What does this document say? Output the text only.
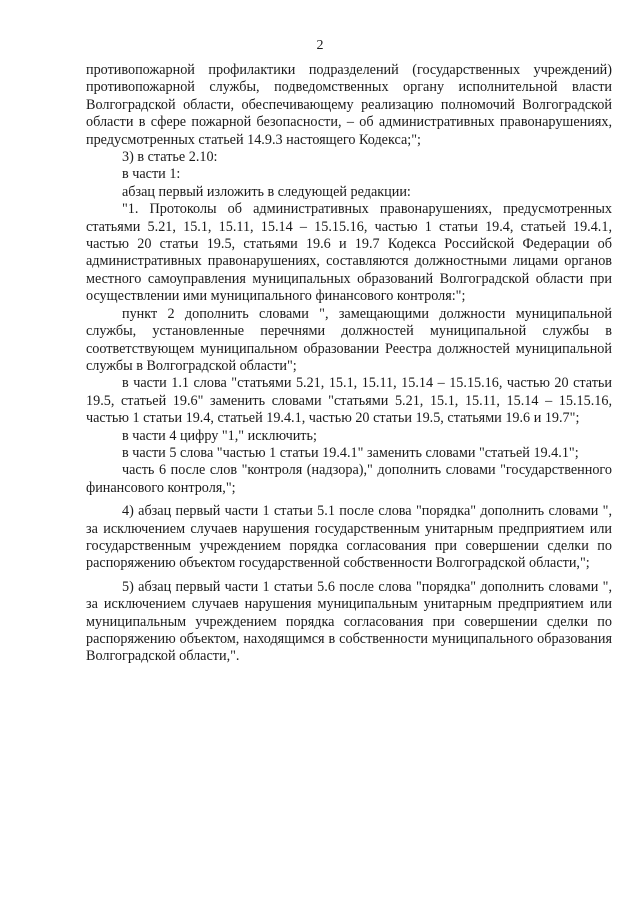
2

противопожарной профилактики подразделений (государственных учреждений) противопожарной службы, подведомственных органу исполнительной власти Волгоградской области, обеспечивающему реализацию полномочий Волгоградской области в сфере пожарной безопасности, – об административных правонарушениях, предусмотренных статьей 14.9.3 настоящего Кодекса;";

3) в статье 2.10:

в части 1:

абзац первый изложить в следующей редакции:

"1. Протоколы об административных правонарушениях, предусмотренных статьями 5.21, 15.1, 15.11, 15.14 – 15.15.16, частью 1 статьи 19.4, статьей 19.4.1, частью 20 статьи 19.5, статьями 19.6 и 19.7 Кодекса Российской Федерации об административных правонарушениях, составляются должностными лицами органов местного самоуправления муниципальных образований Волгоградской области при осуществлении ими муниципального финансового контроля:";

пункт 2 дополнить словами ", замещающими должности муниципальной службы, установленные перечнями должностей муниципальной службы в соответствующем муниципальном образовании Реестра должностей муниципальной службы в Волгоградской области";

в части 1.1 слова "статьями 5.21, 15.1, 15.11, 15.14 – 15.15.16, частью 20 статьи 19.5, статьей 19.6" заменить словами "статьями 5.21, 15.1, 15.11, 15.14 – 15.15.16, частью 1 статьи 19.4, статьей 19.4.1, частью 20 статьи 19.5, статьями 19.6 и 19.7";

в части 4 цифру "1," исключить;

в части 5 слова "частью 1 статьи 19.4.1" заменить словами "статьей 19.4.1";

часть 6 после слов "контроля (надзора)," дополнить словами "государственного финансового контроля,";

4) абзац первый части 1 статьи 5.1 после слова "порядка" дополнить словами ", за исключением случаев нарушения государственным унитарным предприятием или государственным учреждением порядка согласования при совершении сделки по распоряжению объектом государственной собственности Волгоградской области,";

5) абзац первый части 1 статьи 5.6 после слова "порядка" дополнить словами ", за исключением случаев нарушения муниципальным унитарным предприятием или муниципальным учреждением порядка согласования при совершении сделки по распоряжению объектом, находящимся в собственности муниципального образования Волгоградской области,".
